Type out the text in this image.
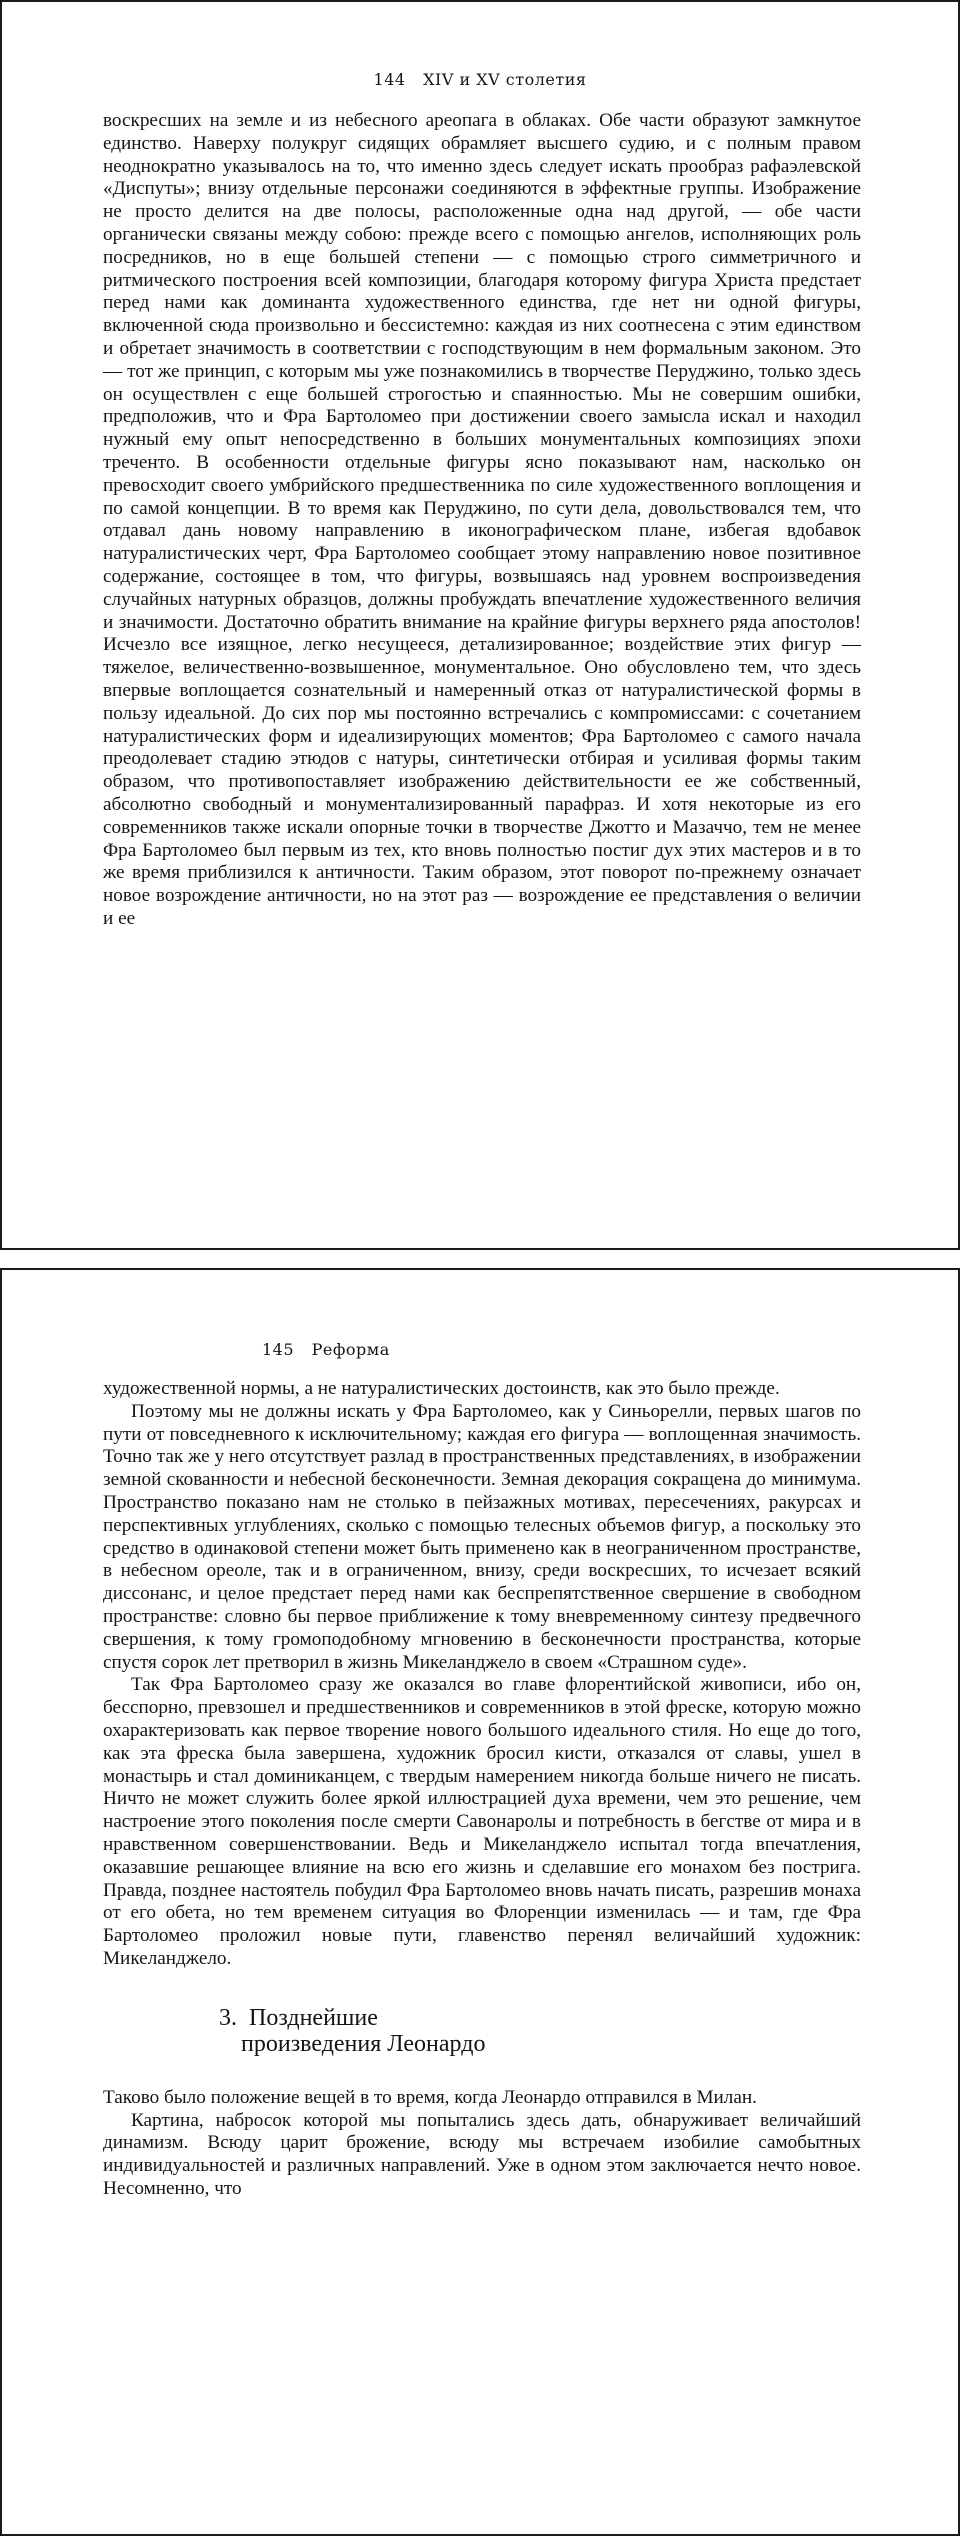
144 XIV и XV столетия

воскресших на земле и из небесного ареопага в облаках. Обе части образуют замкнутое единство. Наверху полукруг сидящих обрамляет высшего судию, и с полным правом неоднократно указывалось на то, что именно здесь следует искать прообраз рафаэлевской «Диспуты»; внизу отдельные персонажи соединяются в эффектные группы. Изображение не просто делится на две полосы, расположенные одна над другой, — обе части органически связаны между собою: прежде всего с помощью ангелов, исполняющих роль посредников, но в еще большей степени — с помощью строго симметричного и ритмического построения всей композиции, благодаря которому фигура Христа предстает перед нами как доминанта художественного единства, где нет ни одной фигуры, включенной сюда произвольно и бессистемно: каждая из них соотнесена с этим единством и обретает значимость в соответствии с господствующим в нем формальным законом. Это — тот же принцип, с которым мы уже познакомились в творчестве Перуджино, только здесь он осуществлен с еще большей строгостью и спаянностью. Мы не совершим ошибки, предположив, что и Фра Бартоломео при достижении своего замысла искал и находил нужный ему опыт непосредственно в больших монументальных композициях эпохи треченто. В особенности отдельные фигуры ясно показывают нам, насколько он превосходит своего умбрийского предшественника по силе художественного воплощения и по самой концепции. В то время как Перуджино, по сути дела, довольствовался тем, что отдавал дань новому направлению в иконографическом плане, избегая вдобавок натуралистических черт, Фра Бартоломео сообщает этому направлению новое позитивное содержание, состоящее в том, что фигуры, возвышаясь над уровнем воспроизведения случайных натурных образцов, должны пробуждать впечатление художественного величия и значимости. Достаточно обратить внимание на крайние фигуры верхнего ряда апостолов! Исчезло все изящное, легко несущееся, детализированное; воздействие этих фигур — тяжелое, величественно-возвышенное, монументальное. Оно обусловлено тем, что здесь впервые воплощается сознательный и намеренный отказ от натуралистической формы в пользу идеальной. До сих пор мы постоянно встречались с компромиссами: с сочетанием натуралистических форм и идеализирующих моментов; Фра Бартоломео с самого начала преодолевает стадию этюдов с натуры, синтетически отбирая и усиливая формы таким образом, что противопоставляет изображению действительности ее же собственный, абсолютно свободный и монументализированный парафраз. И хотя некоторые из его современников также искали опорные точки в творчестве Джотто и Мазаччо, тем не менее Фра Бартоломео был первым из тех, кто вновь полностью постиг дух этих мастеров и в то же время приблизился к античности. Таким образом, этот поворот по-прежнему означает новое возрождение античности, но на этот раз — возрождение ее представления о величии и ее

145 Реформа

художественной нормы, а не натуралистических достоинств, как это было прежде.

Поэтому мы не должны искать у Фра Бартоломео, как у Синьорелли, первых шагов по пути от повседневного к исключительному; каждая его фигура — воплощенная значимость. Точно так же у него отсутствует разлад в пространственных представлениях, в изображении земной скованности и небесной бесконечности. Земная декорация сокращена до минимума. Пространство показано нам не столько в пейзажных мотивах, пересечениях, ракурсах и перспективных углублениях, сколько с помощью телесных объемов фигур, а поскольку это средство в одинаковой степени может быть применено как в неограниченном пространстве, в небесном ореоле, так и в ограниченном, внизу, среди воскресших, то исчезает всякий диссонанс, и целое предстает перед нами как беспрепятственное свершение в свободном пространстве: словно бы первое приближение к тому вневременному синтезу предвечного свершения, к тому громоподобному мгновению в бесконечности пространства, которые спустя сорок лет претворил в жизнь Микеланджело в своем «Страшном суде».

Так Фра Бартоломео сразу же оказался во главе флорентийской живописи, ибо он, бесспорно, превзошел и предшественников и современников в этой фреске, которую можно охарактеризовать как первое творение нового большого идеального стиля. Но еще до того, как эта фреска была завершена, художник бросил кисти, отказался от славы, ушел в монастырь и стал доминиканцем, с твердым намерением никогда больше ничего не писать. Ничто не может служить более яркой иллюстрацией духа времени, чем это решение, чем настроение этого поколения после смерти Савонаролы и потребность в бегстве от мира и в нравственном совершенствовании. Ведь и Микеланджело испытал тогда впечатления, оказавшие решающее влияние на всю его жизнь и сделавшие его монахом без пострига. Правда, позднее настоятель побудил Фра Бартоломео вновь начать писать, разрешив монаха от его обета, но тем временем ситуация во Флоренции изменилась — и там, где Фра Бартоломео проложил новые пути, главенство перенял величайший художник: Микеланджело.

3. Позднейшие
произведения Леонардо

Таково было положение вещей в то время, когда Леонардо отправился в Милан.

Картина, набросок которой мы попытались здесь дать, обнаруживает величайший динамизм. Всюду царит брожение, всюду мы встречаем изобилие самобытных индивидуальностей и различных направлений. Уже в одном этом заключается нечто новое. Несомненно, что
